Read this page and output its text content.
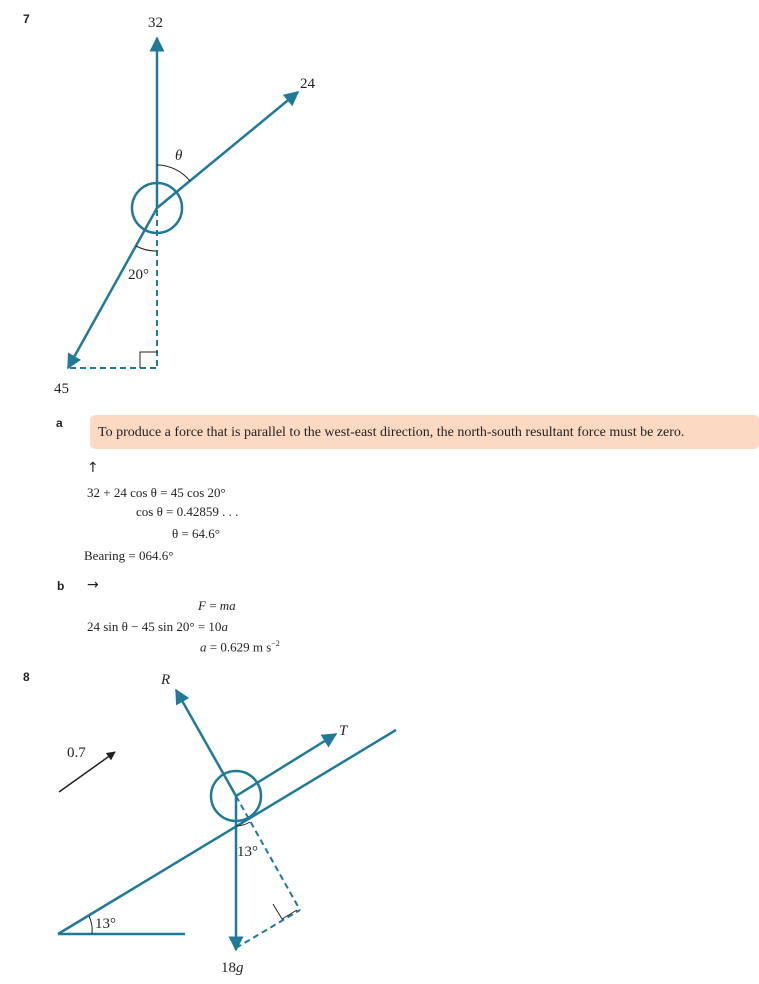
7	32
24
45
θ
20°
a
To produce a force that is parallel to the west-east direction, the north-south resultant force must be zero.
↑
32 + 24 cos θ = 45 cos 20°
cos θ = 0.42859 . . .
θ = 64.6°
Bearing = 064.6°
b →
F = ma
24 sin θ − 45 sin 20° = 10a
a = 0.629 m $s^{-2}$
8	R
T
0.7
13°
13°
18g
